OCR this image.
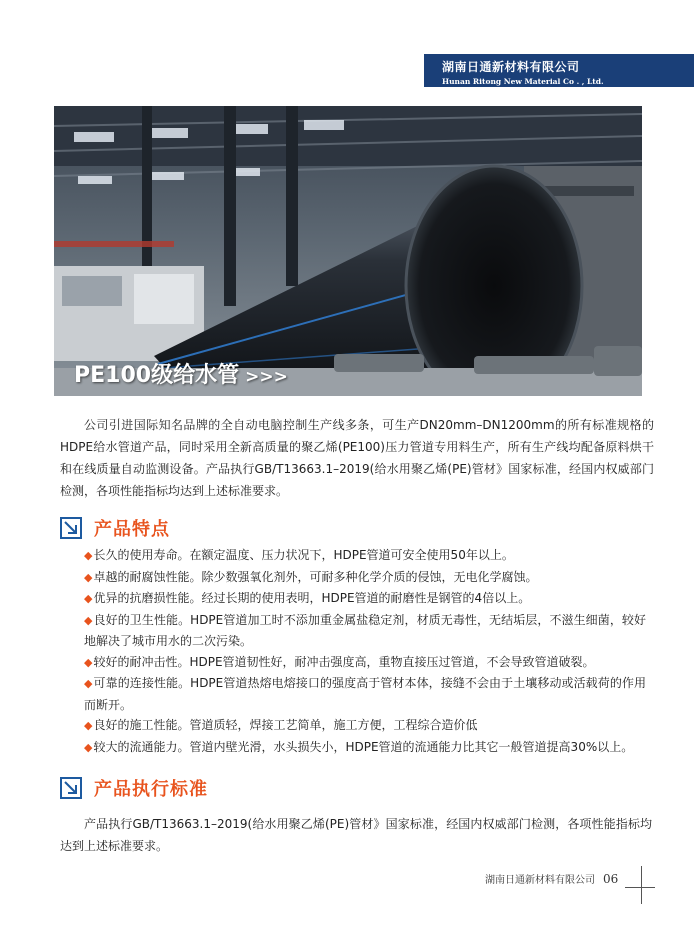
湖南日通新材料有限公司
Hunan Ritong New Material Co . , Ltd.
PE100级给水管 >>>
公司引进国际知名品牌的全自动电脑控制生产线多条，可生产DN20mm–DN1200mm的所有标准规格的HDPE给水管道产品，同时采用全新高质量的聚乙烯(PE100)压力管道专用料生产，所有生产线均配备原料烘干和在线质量自动监测设备。产品执行GB/T13663.1–2019(给水用聚乙烯(PE)管材》国家标准，经国内权威部门检测，各项性能指标均达到上述标准要求。
产品特点
◆长久的使用寿命。在额定温度、压力状况下，HDPE管道可安全使用50年以上。
◆卓越的耐腐蚀性能。除少数强氧化剂外，可耐多种化学介质的侵蚀，无电化学腐蚀。
◆优异的抗磨损性能。经过长期的使用表明，HDPE管道的耐磨性是钢管的4倍以上。
◆良好的卫生性能。HDPE管道加工时不添加重金属盐稳定剂，材质无毒性，无结垢层，不滋生细菌，较好地解决了城市用水的二次污染。
◆较好的耐冲击性。HDPE管道韧性好，耐冲击强度高，重物直接压过管道，不会导致管道破裂。
◆可靠的连接性能。HDPE管道热熔电熔接口的强度高于管材本体，接缝不会由于土壤移动或活载荷的作用而断开。
◆良好的施工性能。管道质轻，焊接工艺简单，施工方便，工程综合造价低
◆较大的流通能力。管道内壁光滑，水头损失小，HDPE管道的流通能力比其它一般管道提高30%以上。
产品执行标准
产品执行GB/T13663.1–2019(给水用聚乙烯(PE)管材》国家标准，经国内权威部门检测，各项性能指标均达到上述标准要求。
湖南日通新材料有限公司 06
